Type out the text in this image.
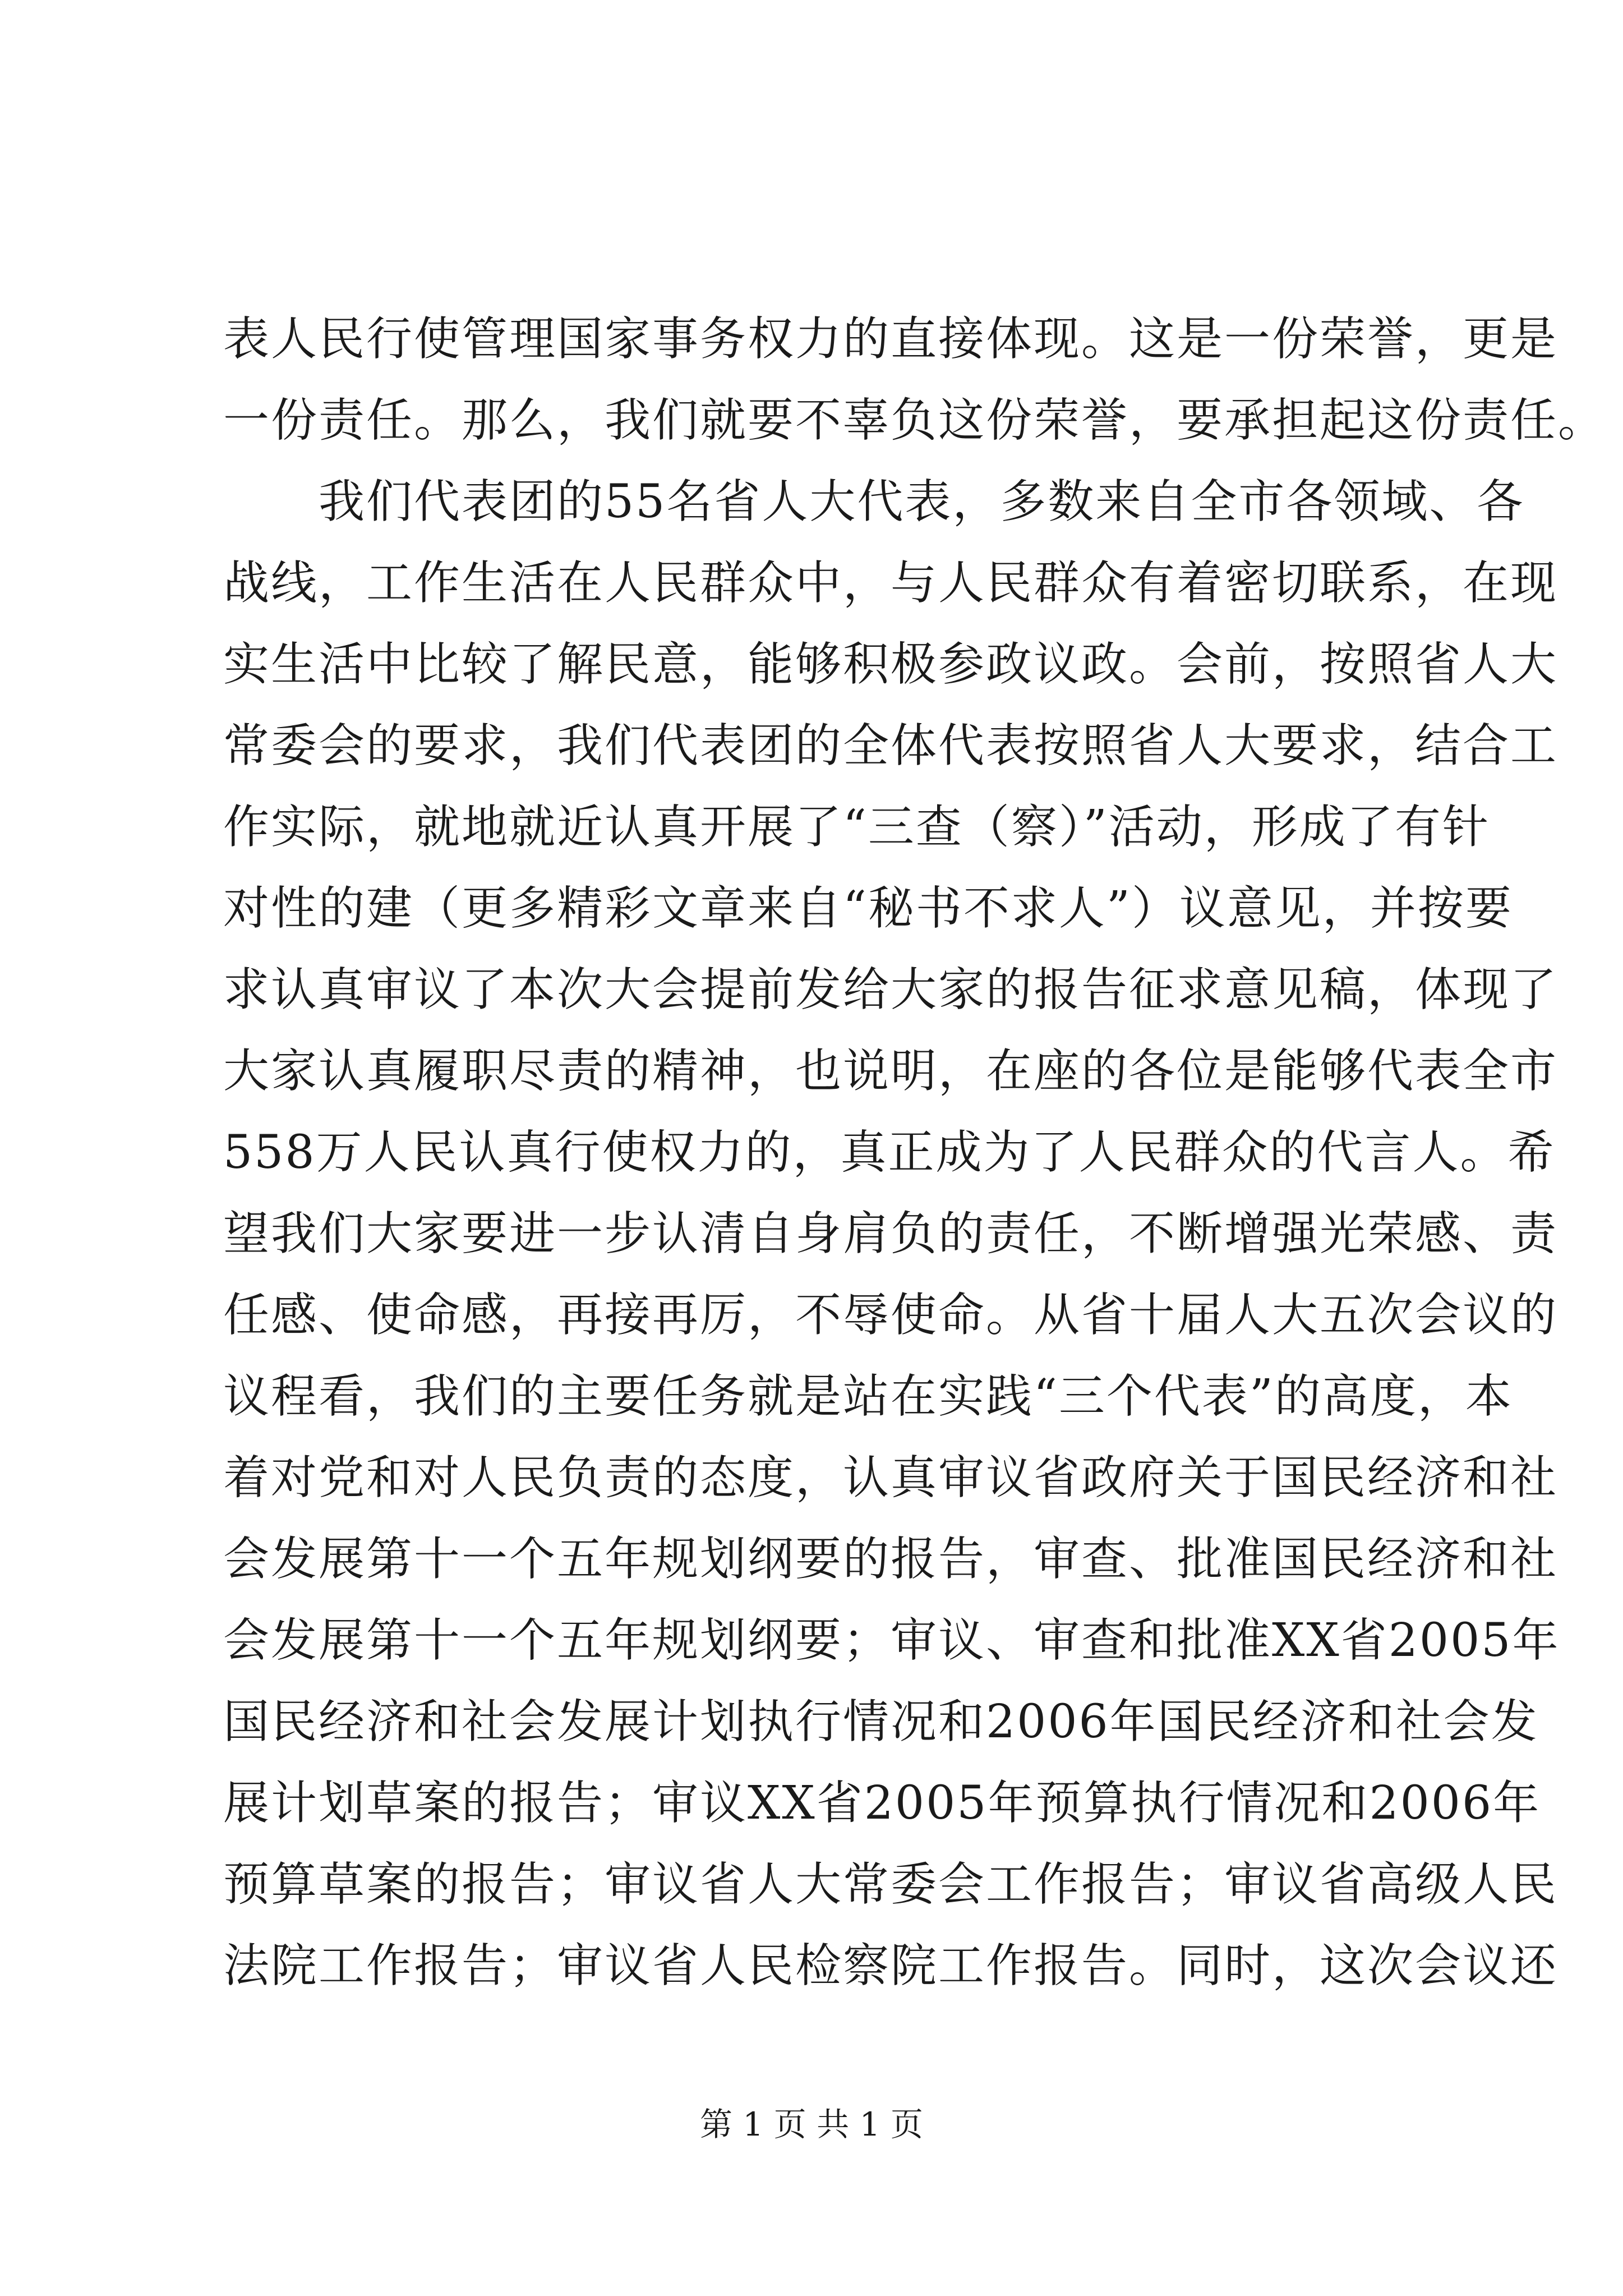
表人民行使管理国家事务权力的直接体现。这是一份荣誉，更是
一份责任。那么，我们就要不辜负这份荣誉，要承担起这份责任。
我们代表团的55名省人大代表，多数来自全市各领域、各
战线，工作生活在人民群众中，与人民群众有着密切联系，在现
实生活中比较了解民意，能够积极参政议政。会前，按照省人大
常委会的要求，我们代表团的全体代表按照省人大要求，结合工
作实际，就地就近认真开展了“三查（察）”活动，形成了有针
对性的建（更多精彩文章来自“秘书不求人”）议意见，并按要
求认真审议了本次大会提前发给大家的报告征求意见稿，体现了
大家认真履职尽责的精神，也说明，在座的各位是能够代表全市
558万人民认真行使权力的，真正成为了人民群众的代言人。希
望我们大家要进一步认清自身肩负的责任，不断增强光荣感、责
任感、使命感，再接再厉，不辱使命。从省十届人大五次会议的
议程看，我们的主要任务就是站在实践“三个代表”的高度，本
着对党和对人民负责的态度，认真审议省政府关于国民经济和社
会发展第十一个五年规划纲要的报告，审查、批准国民经济和社
会发展第十一个五年规划纲要；审议、审查和批准XX省2005年
国民经济和社会发展计划执行情况和2006年国民经济和社会发
展计划草案的报告；审议XX省2005年预算执行情况和2006年
预算草案的报告；审议省人大常委会工作报告；审议省高级人民
法院工作报告；审议省人民检察院工作报告。同时，这次会议还
第 1 页 共 1 页
